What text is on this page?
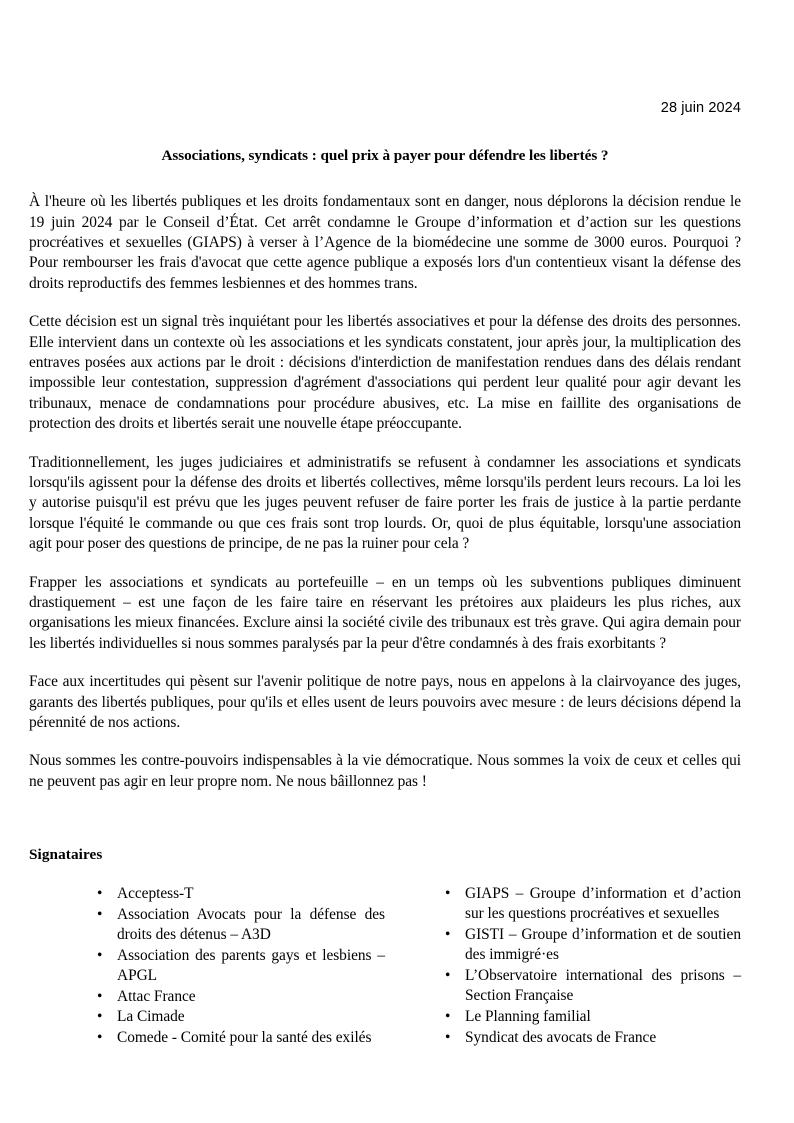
28 juin 2024
Associations, syndicats : quel prix à payer pour défendre les libertés ?

À l'heure où les libertés publiques et les droits fondamentaux sont en danger, nous déplorons la décision rendue le 19 juin 2024 par le Conseil d’État. Cet arrêt condamne le Groupe d’information et d’action sur les questions procréatives et sexuelles (GIAPS) à verser à l’Agence de la biomédecine une somme de 3000 euros. Pourquoi ? Pour rembourser les frais d'avocat que cette agence publique a exposés lors d'un contentieux visant la défense des droits reproductifs des femmes lesbiennes et des hommes trans.

Cette décision est un signal très inquiétant pour les libertés associatives et pour la défense des droits des personnes. Elle intervient dans un contexte où les associations et les syndicats constatent, jour après jour, la multiplication des entraves posées aux actions par le droit : décisions d'interdiction de manifestation rendues dans des délais rendant impossible leur contestation, suppression d'agrément d'associations qui perdent leur qualité pour agir devant les tribunaux, menace de condamnations pour procédure abusives, etc. La mise en faillite des organisations de protection des droits et libertés serait une nouvelle étape préoccupante.

Traditionnellement, les juges judiciaires et administratifs se refusent à condamner les associations et syndicats lorsqu'ils agissent pour la défense des droits et libertés collectives, même lorsqu'ils perdent leurs recours. La loi les y autorise puisqu'il est prévu que les juges peuvent refuser de faire porter les frais de justice à la partie perdante lorsque l'équité le commande ou que ces frais sont trop lourds. Or, quoi de plus équitable, lorsqu'une association agit pour poser des questions de principe, de ne pas la ruiner pour cela ?

Frapper les associations et syndicats au portefeuille – en un temps où les subventions publiques diminuent drastiquement – est une façon de les faire taire en réservant les prétoires aux plaideurs les plus riches, aux organisations les mieux financées. Exclure ainsi la société civile des tribunaux est très grave. Qui agira demain pour les libertés individuelles si nous sommes paralysés par la peur d'être condamnés à des frais exorbitants ?

Face aux incertitudes qui pèsent sur l'avenir politique de notre pays, nous en appelons à la clairvoyance des juges, garants des libertés publiques, pour qu'ils et elles usent de leurs pouvoirs avec mesure : de leurs décisions dépend la pérennité de nos actions.

Nous sommes les contre-pouvoirs indispensables à la vie démocratique. Nous sommes la voix de ceux et celles qui ne peuvent pas agir en leur propre nom. Ne nous bâillonnez pas !

Signataires
• Acceptess-T
• Association Avocats pour la défense des droits des détenus – A3D
• Association des parents gays et lesbiens – APGL
• Attac France
• La Cimade
• Comede - Comité pour la santé des exilés
• GIAPS – Groupe d’information et d’action sur les questions procréatives et sexuelles
• GISTI – Groupe d’information et de soutien des immigré·es
• L’Observatoire international des prisons – Section Française
• Le Planning familial
• Syndicat des avocats de France
